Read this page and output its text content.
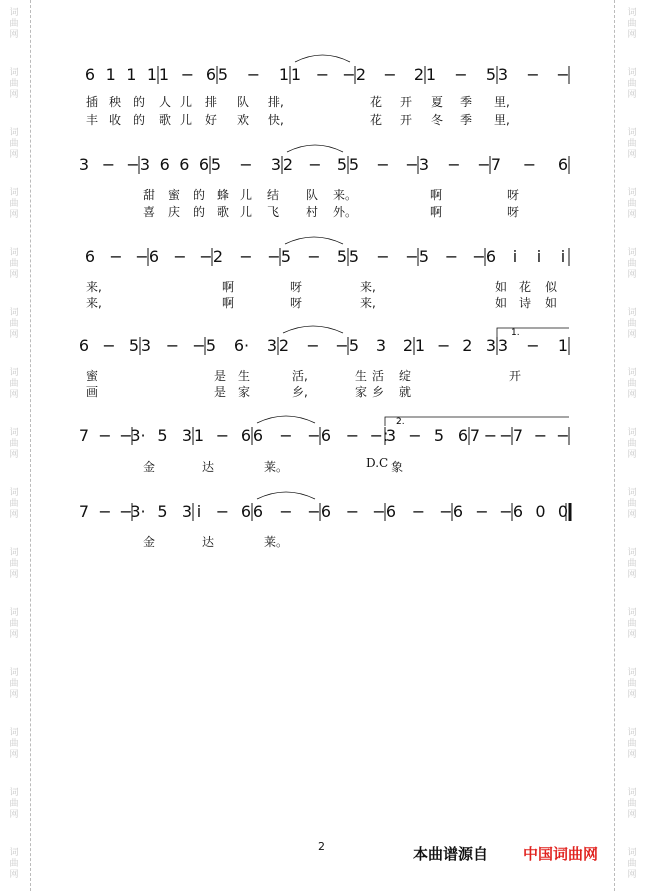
词
曲
网
词
曲
网
词
曲
网
词
曲
网
词
曲
网
词
曲
网
词
曲
网
词
曲
网
词
曲
网
词
曲
网
词
曲
网
词
曲
网
词
曲
网
词
曲
网
词
曲
网
词
曲
网
词
曲
网
词
曲
网
词
曲
网
词
曲
网
词
曲
网
词
曲
网
词
曲
网
词
曲
网
词
曲
网
词
曲
网
词
曲
网
词
曲
网
词
曲
网
词
曲
网
6 1 1 1 1 − 6 5 − 1 1 − − 2 − 2 1 − 5 3 − −
3 − − 3 6 6 6 5 − 3 2 − 5 5 − − 3 − − 7 − 6
6 − − 6 − − 2 − − 5 − 5 5 − − 5 − − 6 i i i
6 − 5 3 − − 5 6· 3 2 − − 5 3 2 1 − 2 3 3 − 1
7 − −
3· 5 3 1 − 6 6 − − 6 − −:
3 − 5 6 7 − − 7 − −
7 − −
3· 5 3 i − 6 6 − − 6 − − 6 − − 6 − − 6 0 0
1.
2.
插 秧 的 人 儿 排 队 排,	花 开 夏 季 里,
丰 收 的 歌 儿 好 欢 快,	花 开 冬 季 里,
甜 蜜 的 蜂 儿 结 队 来。	啊	呀
喜 庆 的 歌 儿 飞 村 外。	啊	呀
来,	啊	呀	来,	如 花 似
来,	啊	呀	来,	如 诗 如
蜜	是 生	活,	生 活 绽	开
画	是 家	乡,	家 乡 就
金	达	莱。	象
金	达	莱。
D.C
2	本曲谱源自 中国词曲网
